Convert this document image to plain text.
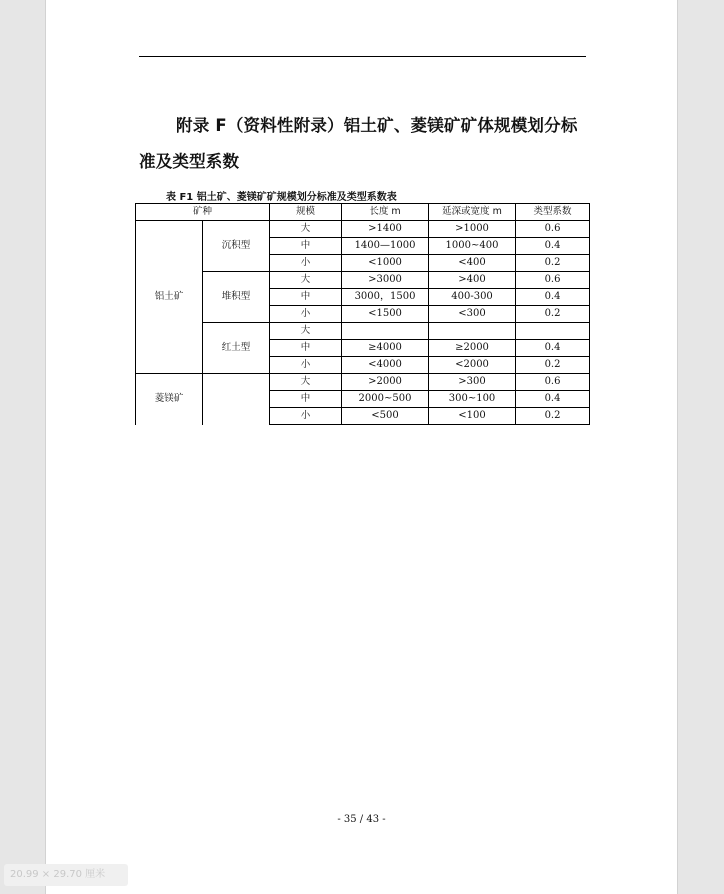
附录 F（资料性附录）铝土矿、菱镁矿矿体规模划分标准及类型系数
表 F1 铝土矿、菱镁矿矿规模划分标准及类型系数表
矿种		规模	长度 m	延深或宽度 m	类型系数
铝土矿	沉积型	大	>1400	>1000	0.6
		中	1400—1000	1000~400	0.4
		小	<1000	<400	0.2
	堆积型	大	>3000	>400	0.6
		中	3000，1500	400-300	0.4
		小	<1500	<300	0.2
	红土型	大			
		中	≥4000	≥2000	0.4
		小	<4000	<2000	0.2
菱镁矿		大	>2000	>300	0.6
		中	2000~500	300~100	0.4
		小	<500	<100	0.2
- 35 / 43 -
20.99 × 29.70 厘米
